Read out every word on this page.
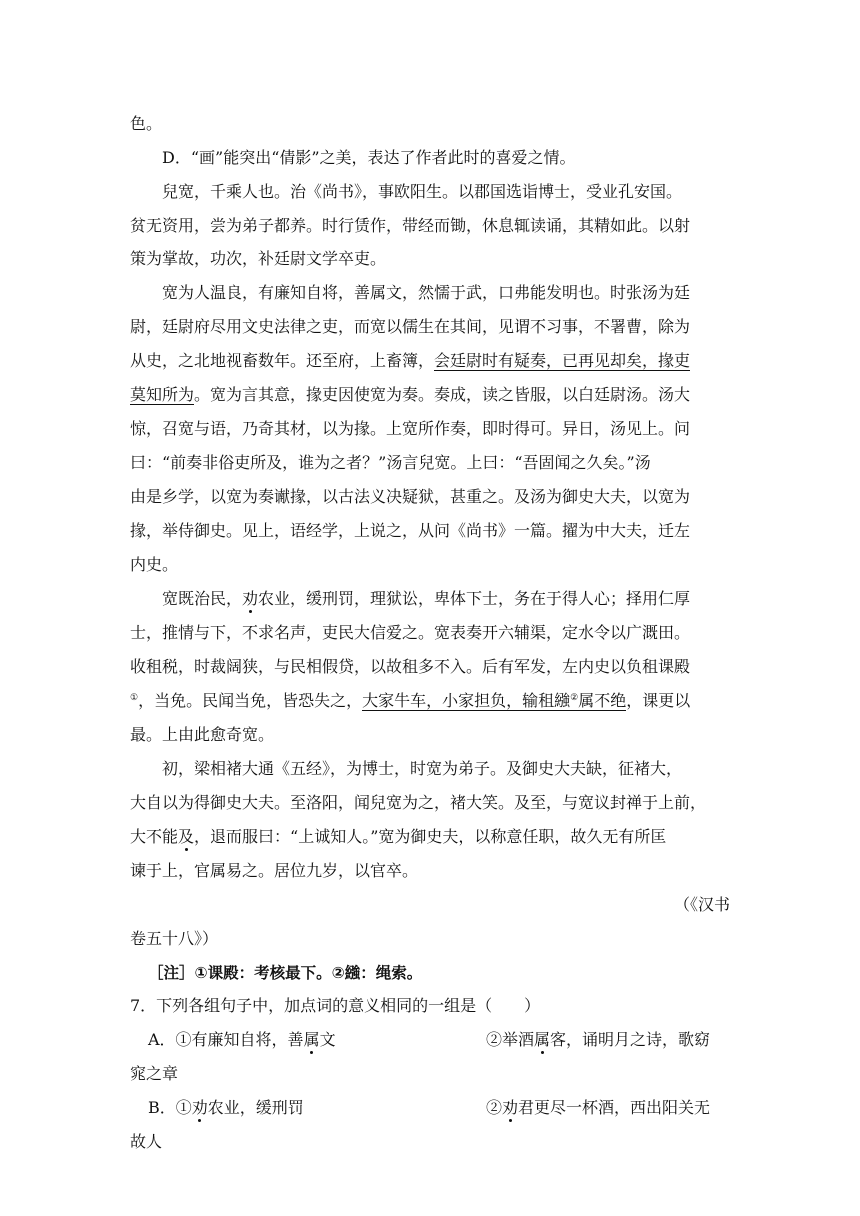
色。
D．“画”能突出“倩影”之美，表达了作者此时的喜爱之情。
兒宽，千乘人也。治《尚书》，事欧阳生。以郡国选诣博士，受业孔安国。
贫无资用，尝为弟子都养。时行赁作，带经而锄，休息辄读诵，其精如此。以射
策为掌故，功次，补廷尉文学卒吏。
宽为人温良，有廉知自将，善属文，然懦于武，口弗能发明也。时张汤为廷
尉，廷尉府尽用文史法律之吏，而宽以儒生在其间，见谓不习事，不署曹，除为
从史，之北地视畜数年。还至府，上畜簿，会廷尉时有疑奏，已再见却矣，掾吏
莫知所为。宽为言其意，掾吏因使宽为奏。奏成，读之皆服，以白廷尉汤。汤大
惊，召宽与语，乃奇其材，以为掾。上宽所作奏，即时得可。异日，汤见上。问
曰：“前奏非俗吏所及，谁为之者？”汤言兒宽。上曰：“吾固闻之久矣。”汤
由是乡学，以宽为奏谳掾，以古法义决疑狱，甚重之。及汤为御史大夫，以宽为
掾，举侍御史。见上，语经学，上说之，从问《尚书》一篇。擢为中大夫，迁左
内史。
宽既治民，劝农业，缓刑罚，理狱讼，卑体下士，务在于得人心；择用仁厚
士，推情与下，不求名声，吏民大信爱之。宽表奏开六辅渠，定水令以广溉田。
收租税，时裁阔狭，与民相假贷，以故租多不入。后有军发，左内史以负租课殿
①，当免。民闻当免，皆恐失之，大家牛车，小家担负，输租繈②属不绝，课更以
最。上由此愈奇宽。
初，梁相褚大通《五经》，为博士，时宽为弟子。及御史大夫缺，征褚大，
大自以为得御史大夫。至洛阳，闻兒宽为之，褚大笑。及至，与宽议封禅于上前，
大不能及，退而服曰：“上诚知人。”宽为御史夫，以称意任职，故久无有所匡
谏于上，官属易之。居位九岁，以官卒。
（《汉书
卷五十八》）
［注］①课殿：考核最下。②繈：绳索。
7．下列各组句子中，加点词的意义相同的一组是（　　）
A．①有廉知自将，善属文	②举酒属客，诵明月之诗，歌窈
窕之章
B．①劝农业，缓刑罚	②劝君更尽一杯酒，西出阳关无
故人
